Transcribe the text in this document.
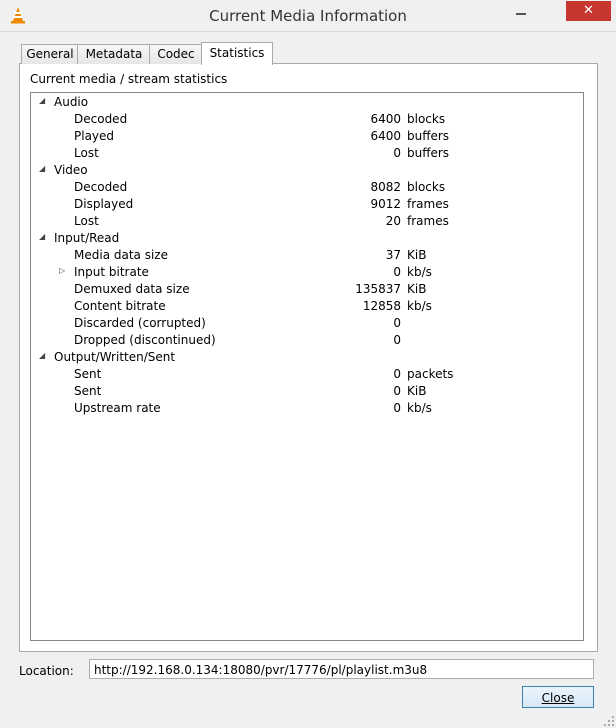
Current Media Information	✕
General Metadata	Codec	Statistics
Current media / stream statistics
◢ Audio
Decoded	6400 blocks
Played	6400 buffers
Lost	0 buffers
◢ Video
Decoded	8082 blocks
Displayed	9012 frames
Lost	20 frames
◢ Input/Read
Media data size	37 KiB
▷ Input bitrate	0 kb/s
Demuxed data size	135837 KiB
Content bitrate	12858 kb/s
Discarded (corrupted)	0
Dropped (discontinued)	0
◢ Output/Written/Sent
Sent	0 packets
Sent	0 KiB
Upstream rate	0 kb/s
Location:	http://192.168.0.134:18080/pvr/17776/pl/playlist.m3u8
Close
